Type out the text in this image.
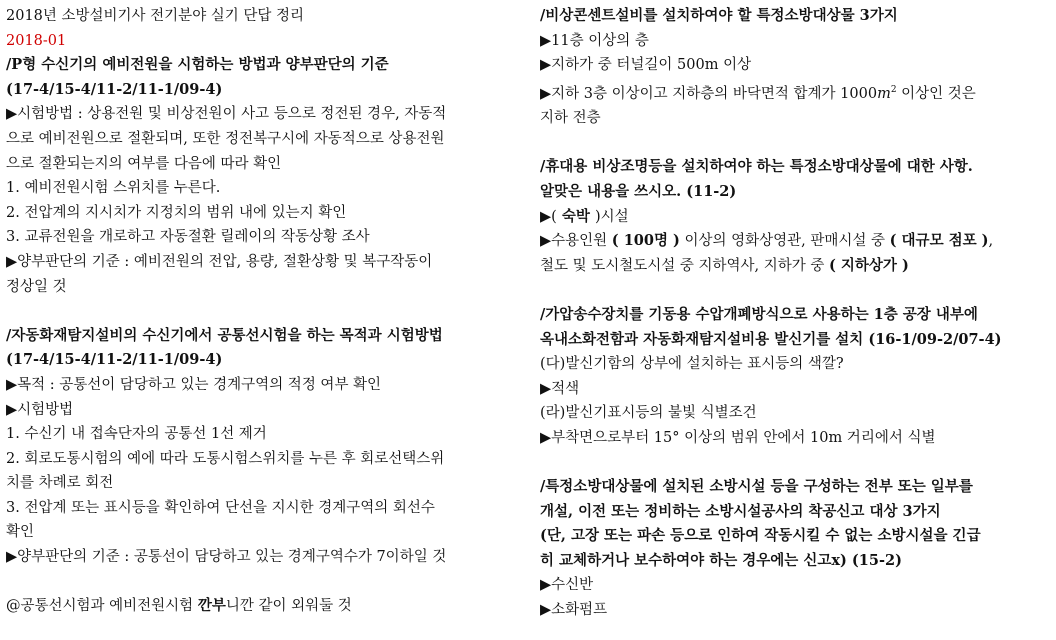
2018년 소방설비기사 전기분야 실기 단답 정리
2018-01
/P형 수신기의 예비전원을 시험하는 방법과 양부판단의 기준
(17-4/15-4/11-2/11-1/09-4)
▶시험방법 : 상용전원 및 비상전원이 사고 등으로 정전된 경우, 자동적
으로 예비전원으로 절환되며, 또한 정전복구시에 자동적으로 상용전원
으로 절환되는지의 여부를 다음에 따라 확인
1. 예비전원시험 스위치를 누른다.
2. 전압계의 지시치가 지정치의 범위 내에 있는지 확인
3. 교류전원을 개로하고 자동절환 릴레이의 작동상황 조사
▶양부판단의 기준 : 예비전원의 전압, 용량, 절환상황 및 복구작동이
정상일 것
/자동화재탐지설비의 수신기에서 공통선시험을 하는 목적과 시험방법
(17-4/15-4/11-2/11-1/09-4)
▶목적 : 공통선이 담당하고 있는 경계구역의 적정 여부 확인
▶시험방법
1. 수신기 내 접속단자의 공통선 1선 제거
2. 회로도통시험의 예에 따라 도통시험스위치를 누른 후 회로선택스위
치를 차례로 회전
3. 전압계 또는 표시등을 확인하여 단선을 지시한 경계구역의 회선수
확인
▶양부판단의 기준 : 공통선이 담당하고 있는 경계구역수가 7이하일 것
@공통선시험과 예비전원시험 깐부니깐 같이 외워둘 것
/비상콘센트설비를 설치하여야 할 특정소방대상물 3가지
▶11층 이상의 층
▶지하가 중 터널길이 500m 이상
▶지하 3층 이상이고 지하층의 바닥면적 합계가 $1000m^2$ 이상인 것은
지하 전층
/휴대용 비상조명등을 설치하여야 하는 특정소방대상물에 대한 사항.
알맞은 내용을 쓰시오. (11-2)
▶( 숙박 )시설
▶수용인원 ( 100명 ) 이상의 영화상영관, 판매시설 중 ( 대규모 점포 ),
철도 및 도시철도시설 중 지하역사, 지하가 중 ( 지하상가 )
/가압송수장치를 기동용 수압개폐방식으로 사용하는 1층 공장 내부에
옥내소화전함과 자동화재탐지설비용 발신기를 설치 (16-1/09-2/07-4)
(다)발신기함의 상부에 설치하는 표시등의 색깔?
▶적색
(라)발신기표시등의 불빛 식별조건
▶부착면으로부터 15° 이상의 범위 안에서 10m 거리에서 식별
/특정소방대상물에 설치된 소방시설 등을 구성하는 전부 또는 일부를
개설, 이전 또는 정비하는 소방시설공사의 착공신고 대상 3가지
(단, 고장 또는 파손 등으로 인하여 작동시킬 수 없는 소방시설을 긴급
히 교체하거나 보수하여야 하는 경우에는 신고x) (15-2)
▶수신반
▶소화펌프
